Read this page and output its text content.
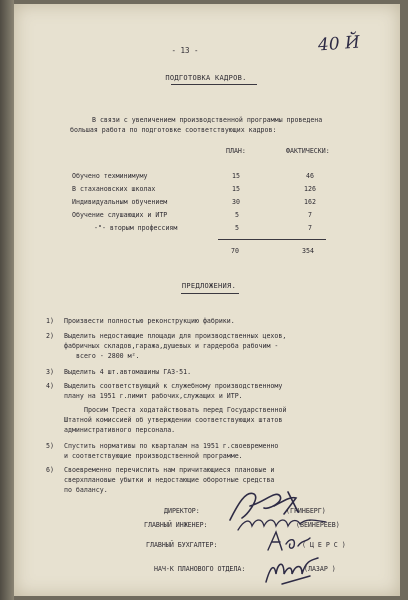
- 13 -	40 Й
ПОДГОТОВКА КАДРОВ.
В связи с увеличением производственной программы проведена
большая работа по подготовке соответствующих кадров:
ПЛАН:	ФАКТИЧЕСКИ:
Обучено техминимуму	15	46
В стахановских школах	15	126
Индивидуальным обучением	30	162
Обучение слушающих и ИТР	5	7
-"- вторым профессиям	5	7
70	354
ПРЕДЛОЖЕНИЯ.
1) Произвести полностью реконструкцию фабрики.
2) Выделить недостающие площади для производственных цехов,
фабричных складов,гаража,душевых и гардероба рабочим -
всего - 2800 м².
3) Выделить 4 шт.автомашины ГАЗ-51.
4) Выделить соответствующий к служебному производственному
плану на 1951 г.лимит рабочих,служащих и ИТР.
Просим Треста ходатайствовать перед Государственной
Штатной комиссией об утверждении соответствующих штатов
административного персонала.
5) Спустить нормативы по кварталам на 1951 г.своевременно
и соответствующие производственной программе.
6) Своевременно перечислить нам причитающиеся плановые и
сверхплановые убытки и недостающие оборотные средства
по балансу.
ДИРЕКТОР:	(ГРИНБЕРГ)
ГЛАВНЫЙ ИНЖЕНЕР:	(ВЕЙНЕРЕЕВ)
ГЛАВНЫЙ БУХГАЛТЕР:	( Ц Е Р С )
НАЧ-К ПЛАНОВОГО ОТДЕЛА:	(ЛАЗАР )
